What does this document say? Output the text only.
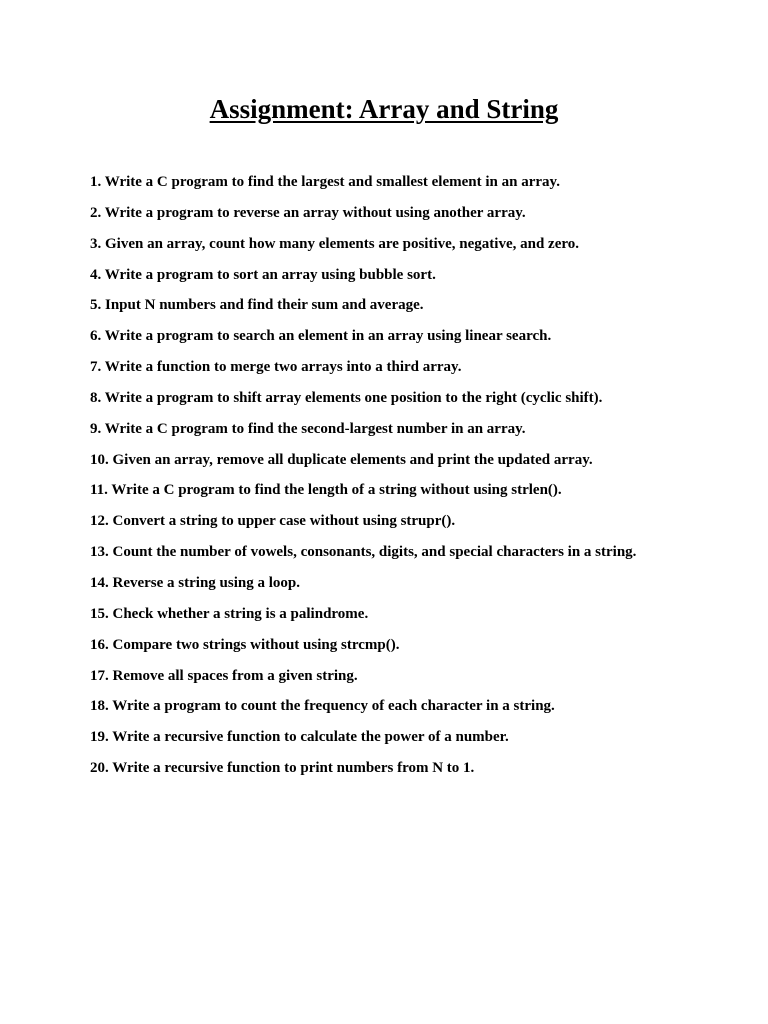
Assignment: Array and String
1. Write a C program to find the largest and smallest element in an array.
2. Write a program to reverse an array without using another array.
3. Given an array, count how many elements are positive, negative, and zero.
4. Write a program to sort an array using bubble sort.
5. Input N numbers and find their sum and average.
6. Write a program to search an element in an array using linear search.
7. Write a function to merge two arrays into a third array.
8. Write a program to shift array elements one position to the right (cyclic shift).
9. Write a C program to find the second-largest number in an array.
10. Given an array, remove all duplicate elements and print the updated array.
11. Write a C program to find the length of a string without using strlen().
12. Convert a string to upper case without using strupr().
13. Count the number of vowels, consonants, digits, and special characters in a string.
14. Reverse a string using a loop.
15. Check whether a string is a palindrome.
16. Compare two strings without using strcmp().
17. Remove all spaces from a given string.
18. Write a program to count the frequency of each character in a string.
19. Write a recursive function to calculate the power of a number.
20. Write a recursive function to print numbers from N to 1.
